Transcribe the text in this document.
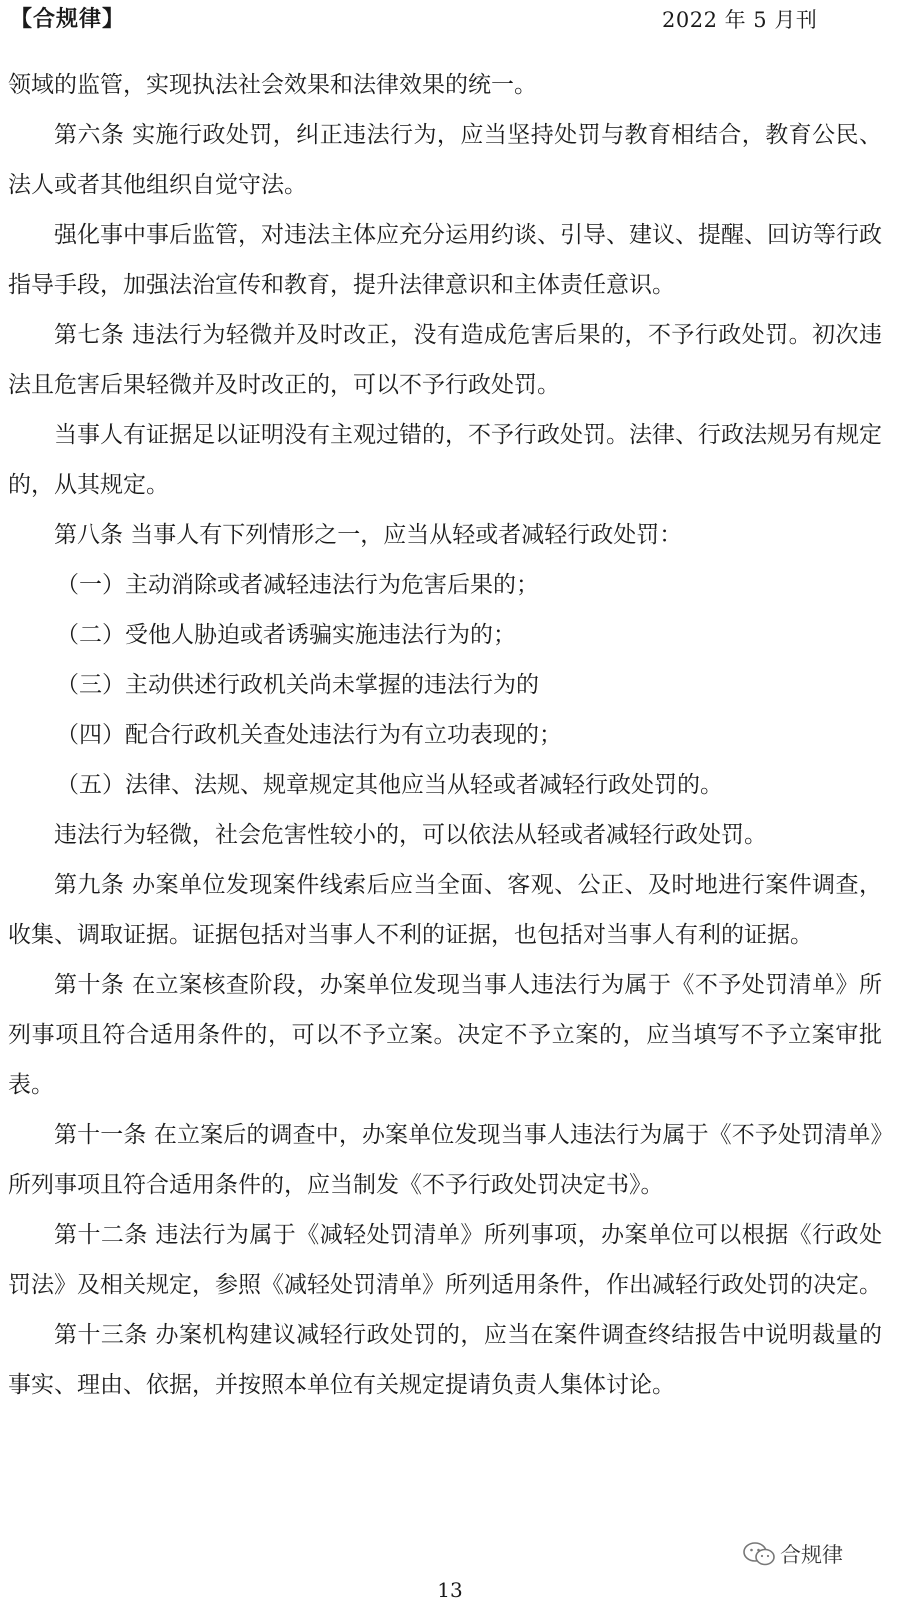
【合规律】	2022 年 5 月刊

领域的监管，实现执法社会效果和法律效果的统一。

第六条 实施行政处罚，纠正违法行为，应当坚持处罚与教育相结合，教育公民、法人或者其他组织自觉守法。

强化事中事后监管，对违法主体应充分运用约谈、引导、建议、提醒、回访等行政指导手段，加强法治宣传和教育，提升法律意识和主体责任意识。

第七条 违法行为轻微并及时改正，没有造成危害后果的，不予行政处罚。初次违法且危害后果轻微并及时改正的，可以不予行政处罚。

当事人有证据足以证明没有主观过错的，不予行政处罚。法律、行政法规另有规定的，从其规定。

第八条 当事人有下列情形之一，应当从轻或者减轻行政处罚：

（一）主动消除或者减轻违法行为危害后果的；

（二）受他人胁迫或者诱骗实施违法行为的；

（三）主动供述行政机关尚未掌握的违法行为的

（四）配合行政机关查处违法行为有立功表现的；

（五）法律、法规、规章规定其他应当从轻或者减轻行政处罚的。

违法行为轻微，社会危害性较小的，可以依法从轻或者减轻行政处罚。

第九条 办案单位发现案件线索后应当全面、客观、公正、及时地进行案件调查，收集、调取证据。证据包括对当事人不利的证据，也包括对当事人有利的证据。

第十条 在立案核查阶段，办案单位发现当事人违法行为属于《不予处罚清单》所列事项且符合适用条件的，可以不予立案。决定不予立案的，应当填写不予立案审批表。

第十一条 在立案后的调查中，办案单位发现当事人违法行为属于《不予处罚清单》所列事项且符合适用条件的，应当制发《不予行政处罚决定书》。

第十二条 违法行为属于《减轻处罚清单》所列事项，办案单位可以根据《行政处罚法》及相关规定，参照《减轻处罚清单》所列适用条件，作出减轻行政处罚的决定。

第十三条 办案机构建议减轻行政处罚的，应当在案件调查终结报告中说明裁量的事实、理由、依据，并按照本单位有关规定提请负责人集体讨论。

合规律
13
